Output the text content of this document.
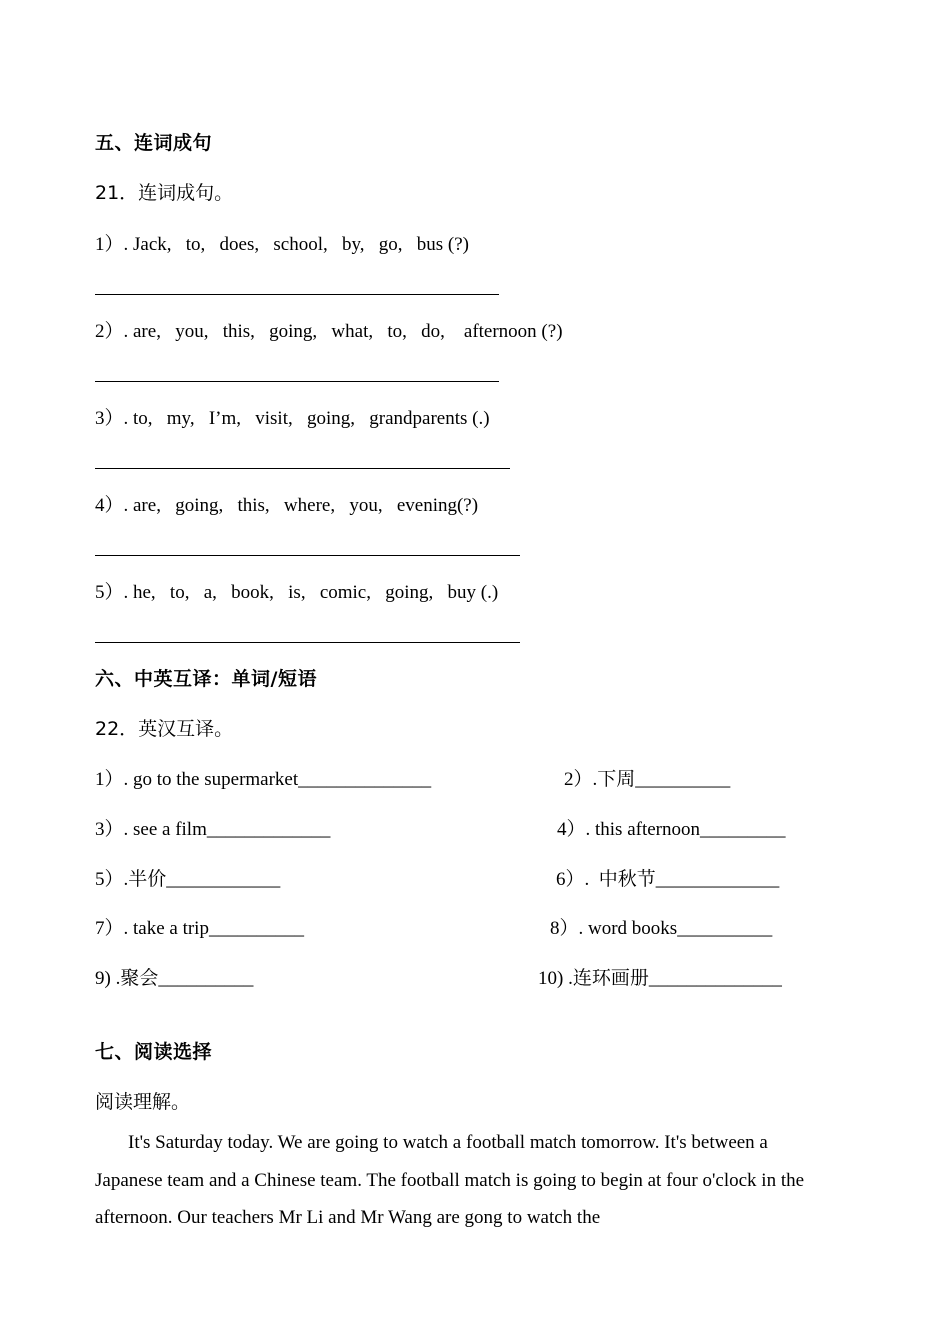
五、连词成句
21．连词成句。
1）. Jack,   to,   does,   school,   by,   go,   bus (?)
2）. are,   you,   this,   going,   what,   to,   do,    afternoon (?)
3）. to,   my,   I’m,   visit,   going,   grandparents (.)
4）. are,   going,   this,   where,   you,   evening(?)
5）. he,   to,   a,   book,   is,   comic,   going,   buy (.)
六、中英互译：单词/短语
22．英汉互译。
1）. go to the supermarket______________	2）.下周__________
3）. see a film_____________	4）. this afternoon_________
5）.半价____________	6）.  中秋节_____________
7）. take a trip__________	8）. word books__________
9) .聚会__________	10) .连环画册______________
七、阅读选择
阅读理解。
It's Saturday today. We are going to watch a football match tomorrow. It's between a Japanese team and a Chinese team. The football match is going to begin at four o'clock in the afternoon. Our teachers Mr Li and Mr Wang are gong to watch the
